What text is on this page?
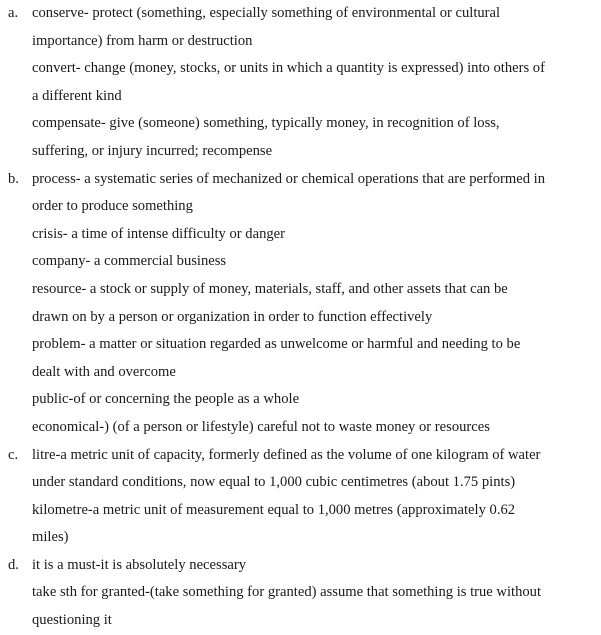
a. conserve- protect (something, especially something of environmental or cultural
importance) from harm or destruction
convert- change (money, stocks, or units in which a quantity is expressed) into others of
a different kind
compensate- give (someone) something, typically money, in recognition of loss,
suffering, or injury incurred; recompense
b. process- a systematic series of mechanized or chemical operations that are performed in
order to produce something
crisis- a time of intense difficulty or danger
company- a commercial business
resource- a stock or supply of money, materials, staff, and other assets that can be
drawn on by a person or organization in order to function effectively
problem- a matter or situation regarded as unwelcome or harmful and needing to be
dealt with and overcome
public-of or concerning the people as a whole
economical-) (of a person or lifestyle) careful not to waste money or resources
c. litre-a metric unit of capacity, formerly defined as the volume of one kilogram of water
under standard conditions, now equal to 1,000 cubic centimetres (about 1.75 pints)
kilometre-a metric unit of measurement equal to 1,000 metres (approximately 0.62
miles)
d. it is a must-it is absolutely necessary
take sth for granted-(take something for granted) assume that something is true without
questioning it
